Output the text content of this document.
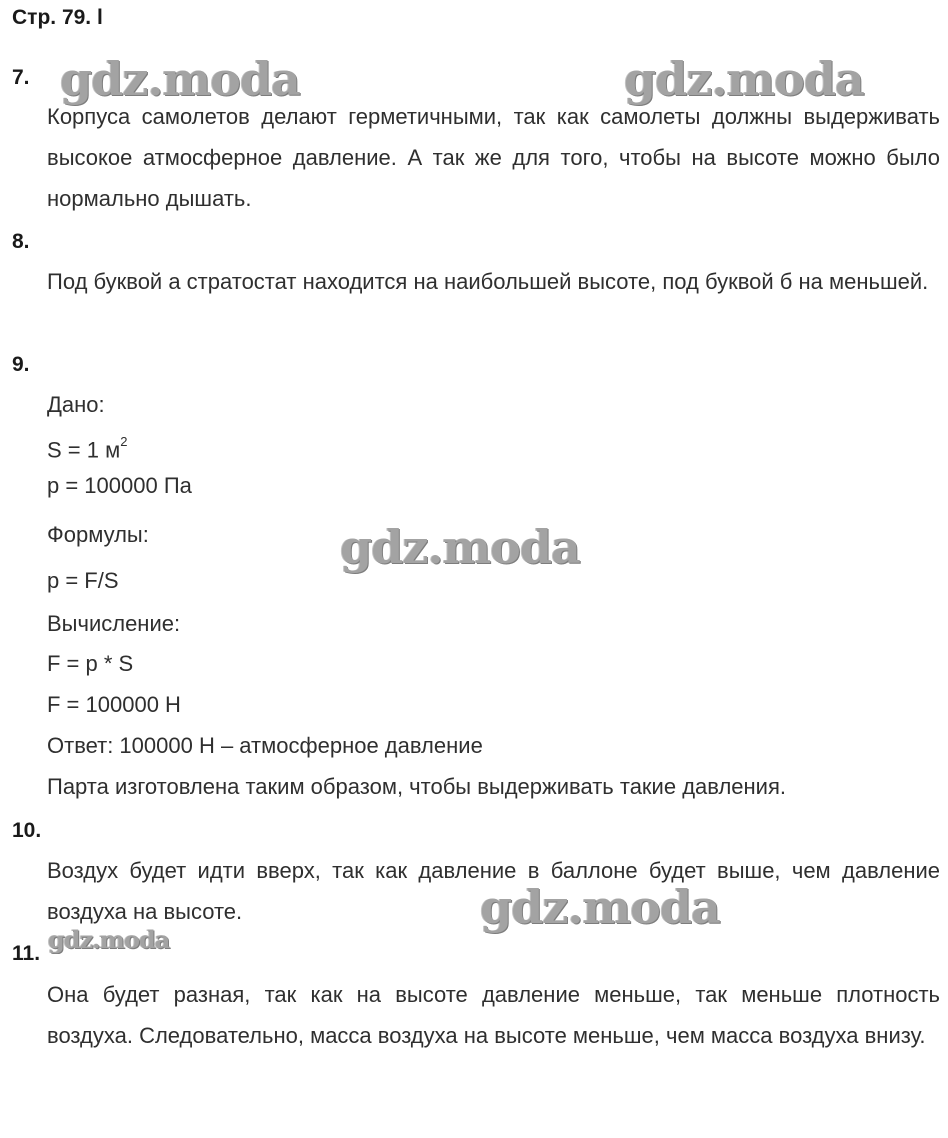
Стр. 79. l
7.
Корпуса самолетов делают герметичными, так как самолеты должны выдерживать высокое атмосферное давление. А так же для того, чтобы на высоте можно было нормально дышать.
8.
Под буквой а стратостат находится на наибольшей высоте, под буквой б на меньшей.
9.
Дано:
S = 1 $м^2$
p = 100000 Па
Формулы:
p = F/S
Вычисление:
F = p * S
F = 100000 Н
Ответ: 100000 Н – атмосферное давление
Парта изготовлена таким образом, чтобы выдерживать такие давления.
10.
Воздух будет идти вверх, так как давление в баллоне будет выше, чем давление воздуха на высоте.
11.
Она будет разная, так как на высоте давление меньше, так меньше плотность воздуха. Следовательно, масса воздуха на высоте меньше, чем масса воздуха внизу.
gdz.moda	gdz.moda
gdz.moda
gdz.moda
gdz.moda
